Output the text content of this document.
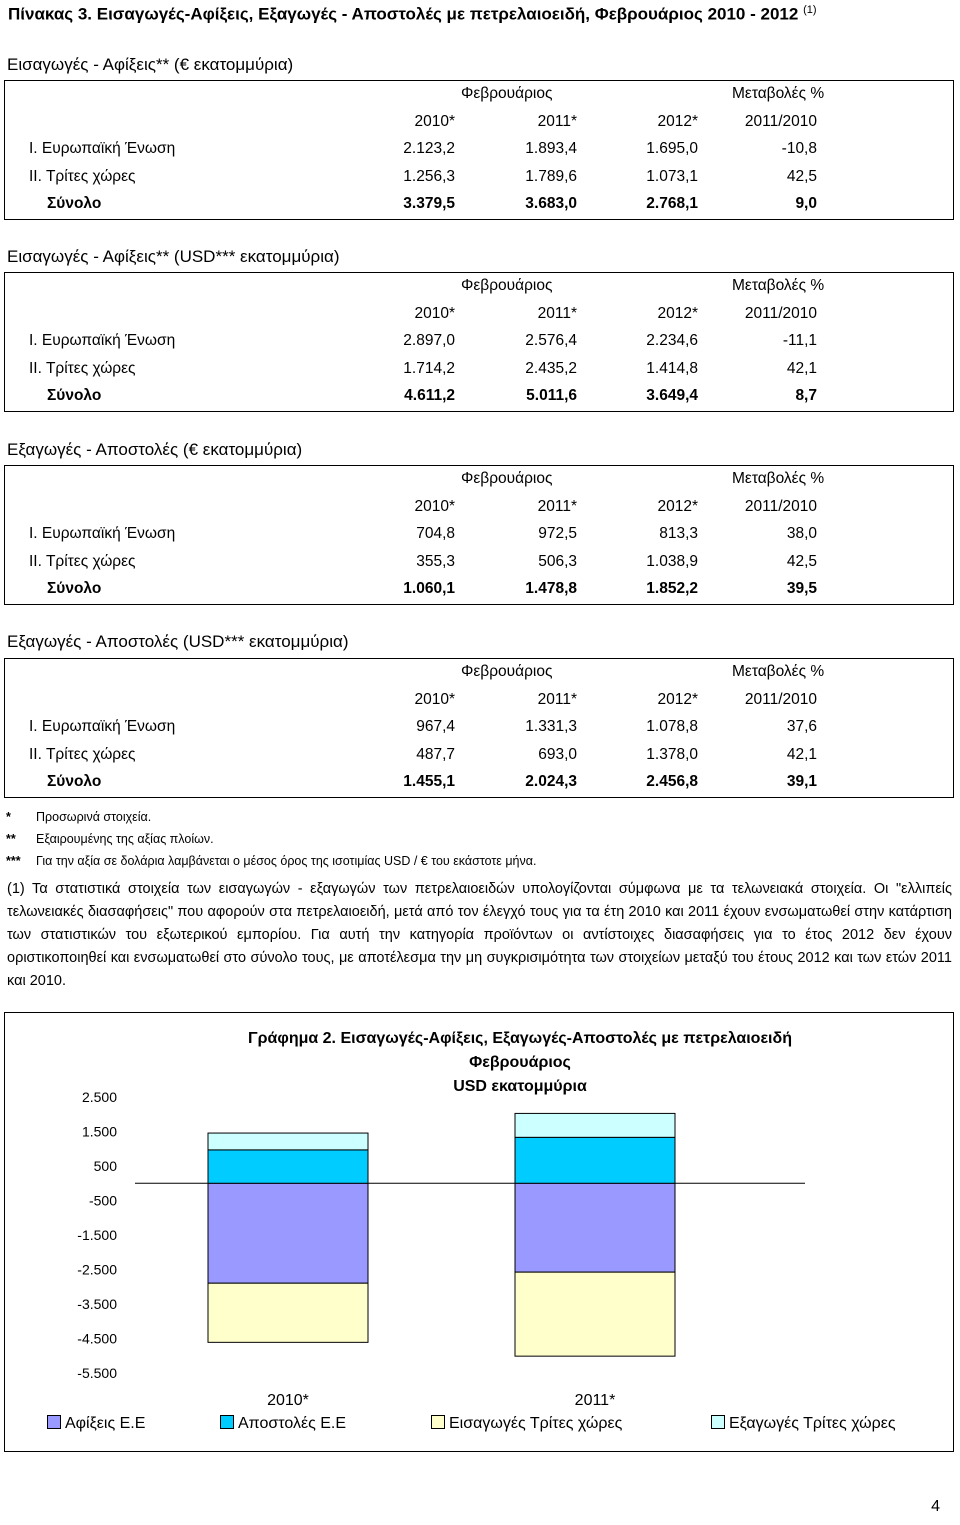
Πίνακας 3. Εισαγωγές-Αφίξεις, Εξαγωγές - Αποστολές με πετρελαιοειδή, Φεβρουάριος 2010 - 2012 $^{(1)}$
Εισαγωγές - Αφίξεις** (€ εκατομμύρια)
Φεβρουάριος	Μεταβολές %
2010*	2011*	2012*	2011/2010
Ι. Ευρωπαϊκή Ένωση	2.123,2	1.893,4	1.695,0	-10,8
ΙΙ. Τρίτες χώρες	1.256,3	1.789,6	1.073,1	42,5
Σύνολο	3.379,5	3.683,0	2.768,1	9,0
Εισαγωγές - Αφίξεις** (USD*** εκατομμύρια)
Φεβρουάριος	Μεταβολές %
2010*	2011*	2012*	2011/2010
Ι. Ευρωπαϊκή Ένωση	2.897,0	2.576,4	2.234,6	-11,1
ΙΙ. Τρίτες χώρες	1.714,2	2.435,2	1.414,8	42,1
Σύνολο	4.611,2	5.011,6	3.649,4	8,7
Εξαγωγές - Αποστολές (€ εκατομμύρια)
Φεβρουάριος	Μεταβολές %
2010*	2011*	2012*	2011/2010
Ι. Ευρωπαϊκή Ένωση	704,8	972,5	813,3	38,0
ΙΙ. Τρίτες χώρες	355,3	506,3	1.038,9	42,5
Σύνολο	1.060,1	1.478,8	1.852,2	39,5
Εξαγωγές - Αποστολές (USD*** εκατομμύρια)
Φεβρουάριος	Μεταβολές %
2010*	2011*	2012*	2011/2010
Ι. Ευρωπαϊκή Ένωση	967,4	1.331,3	1.078,8	37,6
ΙΙ. Τρίτες χώρες	487,7	693,0	1.378,0	42,1
Σύνολο	1.455,1	2.024,3	2.456,8	39,1
* Προσωρινά στοιχεία.
** Εξαιρουμένης της αξίας πλοίων.
*** Για την αξία σε δολάρια λαμβάνεται ο μέσος όρος της ισοτιμίας USD / € του εκάστοτε μήνα.
(1) Τα στατιστικά στοιχεία των εισαγωγών - εξαγωγών των πετρελαιοειδών υπολογίζονται σύμφωνα με τα τελωνειακά στοιχεία. Οι "ελλιπείς τελωνειακές διασαφήσεις" που αφορούν στα πετρελαιοειδή, μετά από τον έλεγχό τους για τα έτη 2010 και 2011 έχουν ενσωματωθεί στην κατάρτιση των στατιστικών του εξωτερικού εμπορίου. Για αυτή την κατηγορία προϊόντων οι αντίστοιχες διασαφήσεις για το έτος 2012 δεν έχουν οριστικοποιηθεί και ενσωματωθεί στο σύνολο τους, με αποτέλεσμα την μη συγκρισιμότητα των στοιχείων μεταξύ του έτους 2012 και των ετών 2011 και 2010.
Γράφημα 2. Εισαγωγές-Αφίξεις, Εξαγωγές-Αποστολές με πετρελαιοειδή
Φεβρουάριος
USD εκατομμύρια
2.500
1.500
500
-500
-1.500
-2.500
-3.500
-4.500
-5.500
2010*	2011*
Αφίξεις Ε.Ε	Αποστολές Ε.Ε	Εισαγωγές Τρίτες χώρες	Εξαγωγές Τρίτες χώρες
4
